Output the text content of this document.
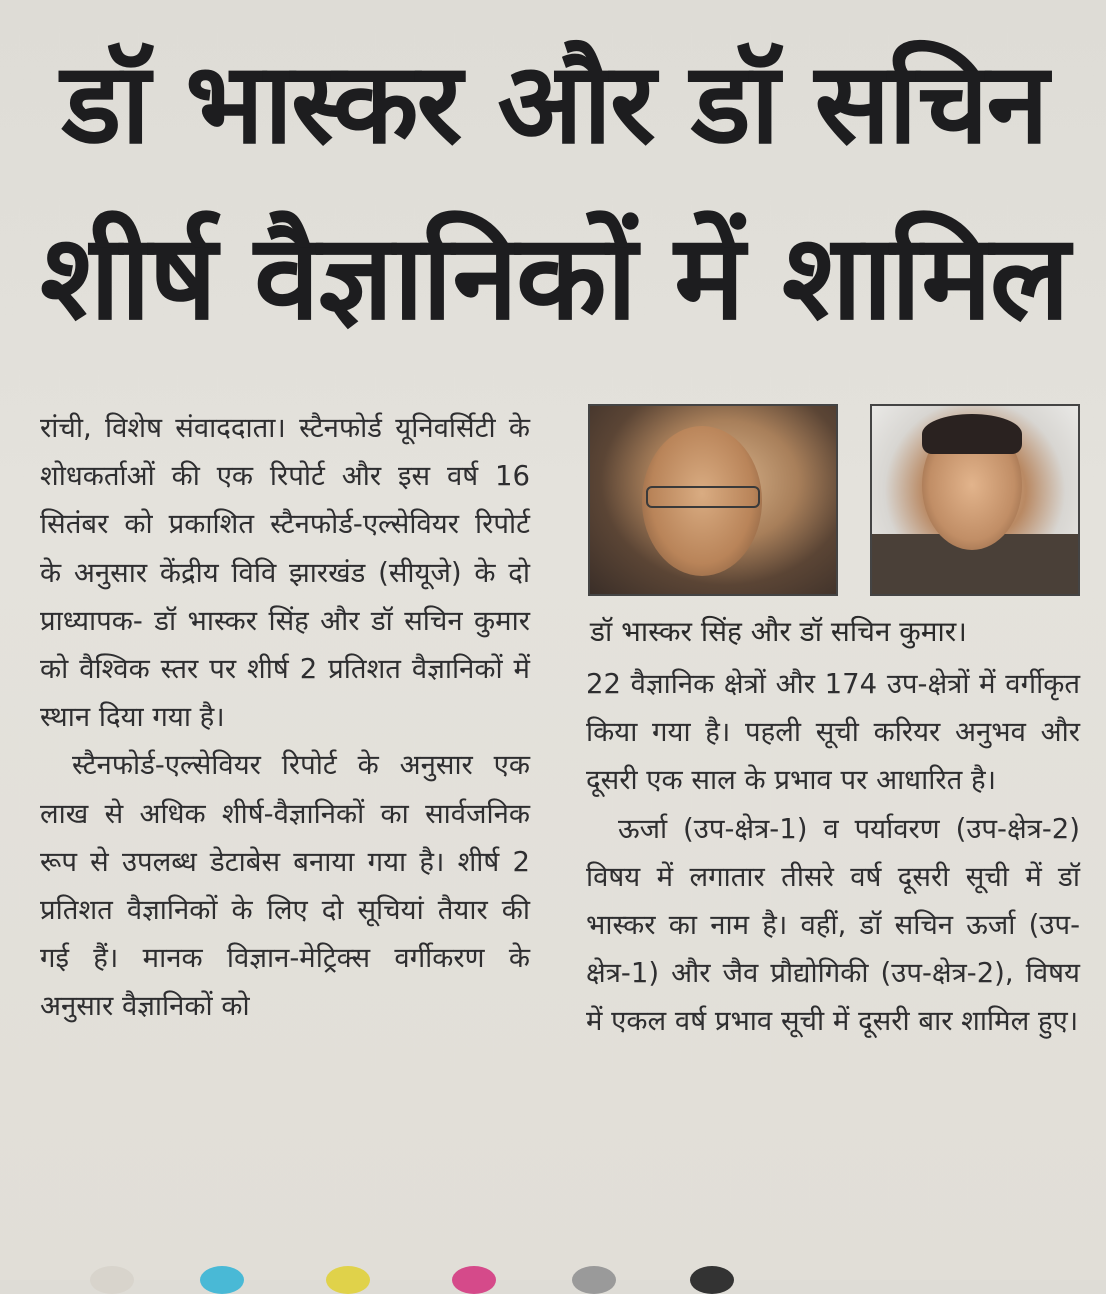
डॉ भास्कर और डॉ सचिन
शीर्ष वैज्ञानिकों में शामिल

रांची, विशेष संवाददाता। स्टैनफोर्ड यूनिवर्सिटी के शोधकर्ताओं की एक रिपोर्ट और इस वर्ष 16 सितंबर को प्रकाशित स्टैनफोर्ड-एल्सेवियर रिपोर्ट के अनुसार केंद्रीय विवि झारखंड (सीयूजे) के दो प्राध्यापक- डॉ भास्कर सिंह और डॉ सचिन कुमार को वैश्विक स्तर पर शीर्ष 2 प्रतिशत वैज्ञानिकों में स्थान दिया गया है।

स्टैनफोर्ड-एल्सेवियर रिपोर्ट के अनुसार एक लाख से अधिक शीर्ष-वैज्ञानिकों का सार्वजनिक रूप से उपलब्ध डेटाबेस बनाया गया है। शीर्ष 2 प्रतिशत वैज्ञानिकों के लिए दो सूचियां तैयार की गई हैं। मानक विज्ञान-मेट्रिक्स वर्गीकरण के अनुसार वैज्ञानिकों को

डॉ भास्कर सिंह और डॉ सचिन कुमार।

22 वैज्ञानिक क्षेत्रों और 174 उप-क्षेत्रों में वर्गीकृत किया गया है। पहली सूची करियर अनुभव और दूसरी एक साल के प्रभाव पर आधारित है।

ऊर्जा (उप-क्षेत्र-1) व पर्यावरण (उप-क्षेत्र-2) विषय में लगातार तीसरे वर्ष दूसरी सूची में डॉ भास्कर का नाम है। वहीं, डॉ सचिन ऊर्जा (उप-क्षेत्र-1) और जैव प्रौद्योगिकी (उप-क्षेत्र-2), विषय में एकल वर्ष प्रभाव सूची में दूसरी बार शामिल हुए।
